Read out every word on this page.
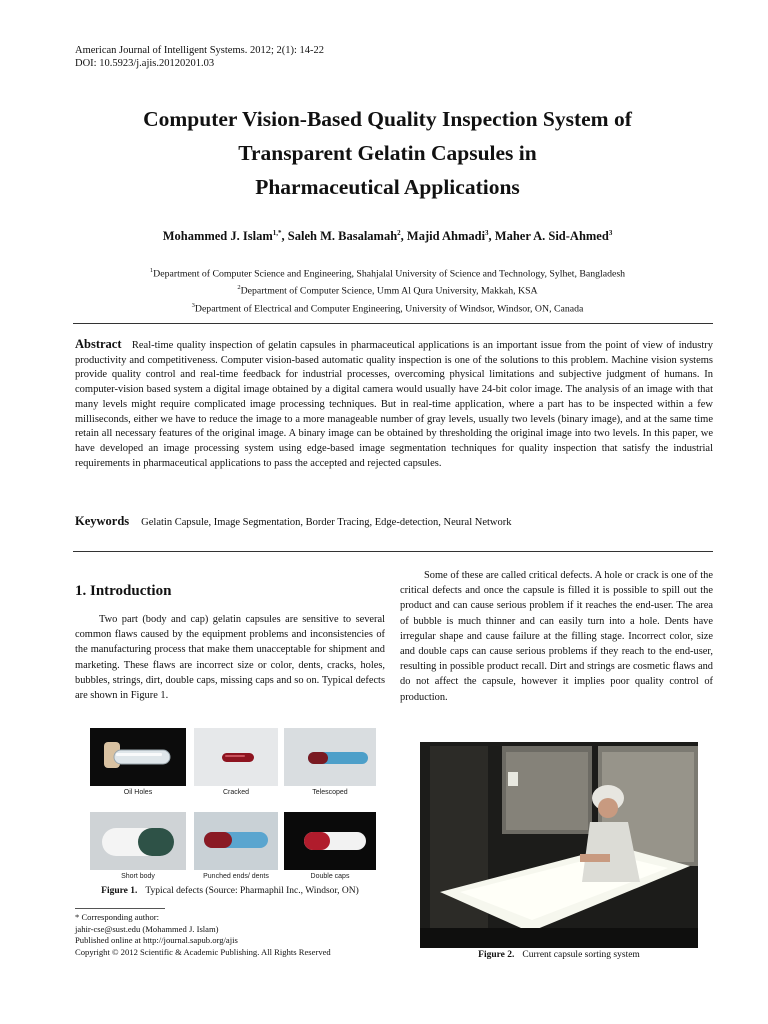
American Journal of Intelligent Systems. 2012; 2(1): 14-22
DOI: 10.5923/j.ajis.20120201.03
Computer Vision-Based Quality Inspection System of
Transparent Gelatin Capsules in
Pharmaceutical Applications
Mohammed J. Islam$^{1,*}$, Saleh M. Basalamah$^2$, Majid Ahmadi$^3$, Maher A. Sid-Ahmed$^3$
$^1$Department of Computer Science and Engineering, Shahjalal University of Science and Technology, Sylhet, Bangladesh
$^2$Department of Computer Science, Umm Al Qura University, Makkah, KSA
$^3$Department of Electrical and Computer Engineering, University of Windsor, Windsor, ON, Canada
Abstract Real-time quality inspection of gelatin capsules in pharmaceutical applications is an important issue from the point of view of industry productivity and competitiveness. Computer vision-based automatic quality inspection is one of the solutions to this problem. Machine vision systems provide quality control and real-time feedback for industrial processes, overcoming physical limitations and subjective judgment of humans. In computer-vision based system a digital image obtained by a digital camera would usually have 24-bit color image. The analysis of an image with that many levels might require complicated image processing techniques. But in real-time application, where a part has to be inspected within a few milliseconds, either we have to reduce the image to a more manageable number of gray levels, usually two levels (binary image), and at the same time retain all necessary features of the original image. A binary image can be obtained by thresholding the original image into two levels. In this paper, we have developed an image processing system using edge-based image segmentation techniques for quality inspection that satisfy the industrial requirements in pharmaceutical applications to pass the accepted and rejected capsules.
Keywords Gelatin Capsule, Image Segmentation, Border Tracing, Edge-detection, Neural Network
1. Introduction
Two part (body and cap) gelatin capsules are sensitive to several common flaws caused by the equipment problems and inconsistencies of the manufacturing process that make them unacceptable for shipment and marketing. These flaws are incorrect size or color, dents, cracks, holes, bubbles, strings, dirt, double caps, missing caps and so on. Typical defects are shown in Figure 1.
Oil Holes	Cracked	Telescoped
Short body	Punched ends/ dents	Double caps
Figure 1. Typical defects (Source: Pharmaphil Inc., Windsor, ON)
* Corresponding author:
jahir-cse@sust.edu (Mohammed J. Islam)
Published online at http://journal.sapub.org/ajis
Copyright © 2012 Scientific & Academic Publishing. All Rights Reserved
Some of these are called critical defects. A hole or crack is one of the critical defects and once the capsule is filled it is possible to spill out the product and can cause serious problem if it reaches the end-user. The area of bubble is much thinner and can easily turn into a hole. Dents have irregular shape and cause failure at the filling stage. Incorrect color, size and double caps can cause serious problems if they reach to the end-user, resulting in possible product recall. Dirt and strings are cosmetic flaws and do not affect the capsule, however it implies poor quality control of production.
Figure 2. Current capsule sorting system
